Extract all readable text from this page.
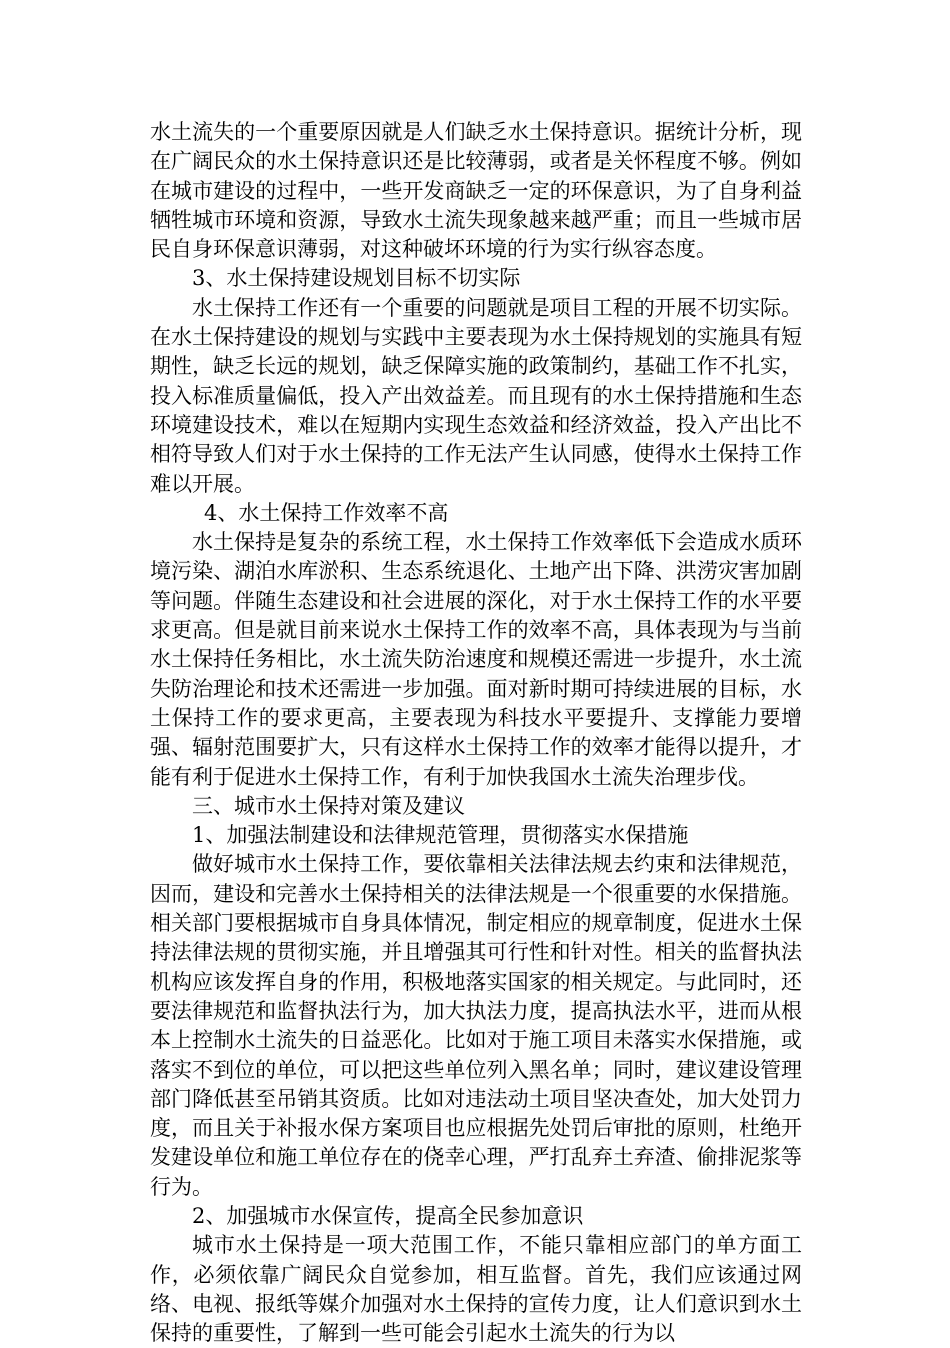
水土流失的一个重要原因就是人们缺乏水土保持意识。据统计分析，现在广阔民众的水土保持意识还是比较薄弱，或者是关怀程度不够。例如在城市建设的过程中，一些开发商缺乏一定的环保意识，为了自身利益牺牲城市环境和资源，导致水土流失现象越来越严重；而且一些城市居民自身环保意识薄弱，对这种破坏环境的行为实行纵容态度。

3、水土保持建设规划目标不切实际

水土保持工作还有一个重要的问题就是项目工程的开展不切实际。在水土保持建设的规划与实践中主要表现为水土保持规划的实施具有短期性，缺乏长远的规划，缺乏保障实施的政策制约，基础工作不扎实，投入标准质量偏低，投入产出效益差。而且现有的水土保持措施和生态环境建设技术，难以在短期内实现生态效益和经济效益，投入产出比不相符导致人们对于水土保持的工作无法产生认同感，使得水土保持工作难以开展。

4、水土保持工作效率不高

水土保持是复杂的系统工程，水土保持工作效率低下会造成水质环境污染、湖泊水库淤积、生态系统退化、土地产出下降、洪涝灾害加剧等问题。伴随生态建设和社会进展的深化，对于水土保持工作的水平要求更高。但是就目前来说水土保持工作的效率不高，具体表现为与当前水土保持任务相比，水土流失防治速度和规模还需进一步提升，水土流失防治理论和技术还需进一步加强。面对新时期可持续进展的目标，水土保持工作的要求更高，主要表现为科技水平要提升、支撑能力要增强、辐射范围要扩大，只有这样水土保持工作的效率才能得以提升，才能有利于促进水土保持工作，有利于加快我国水土流失治理步伐。

三、城市水土保持对策及建议

1、加强法制建设和法律规范管理，贯彻落实水保措施

做好城市水土保持工作，要依靠相关法律法规去约束和法律规范，因而，建设和完善水土保持相关的法律法规是一个很重要的水保措施。相关部门要根据城市自身具体情况，制定相应的规章制度，促进水土保持法律法规的贯彻实施，并且增强其可行性和针对性。相关的监督执法机构应该发挥自身的作用，积极地落实国家的相关规定。与此同时，还要法律规范和监督执法行为，加大执法力度，提高执法水平，进而从根本上控制水土流失的日益恶化。比如对于施工项目未落实水保措施，或落实不到位的单位，可以把这些单位列入黑名单；同时，建议建设管理部门降低甚至吊销其资质。比如对违法动土项目坚决查处，加大处罚力度，而且关于补报水保方案项目也应根据先处罚后审批的原则，杜绝开发建设单位和施工单位存在的侥幸心理，严打乱弃土弃渣、偷排泥浆等行为。

2、加强城市水保宣传，提高全民参加意识

城市水土保持是一项大范围工作，不能只靠相应部门的单方面工作，必须依靠广阔民众自觉参加，相互监督。首先，我们应该通过网络、电视、报纸等媒介加强对水土保持的宣传力度，让人们意识到水土保持的重要性，了解到一些可能会引起水土流失的行为以
